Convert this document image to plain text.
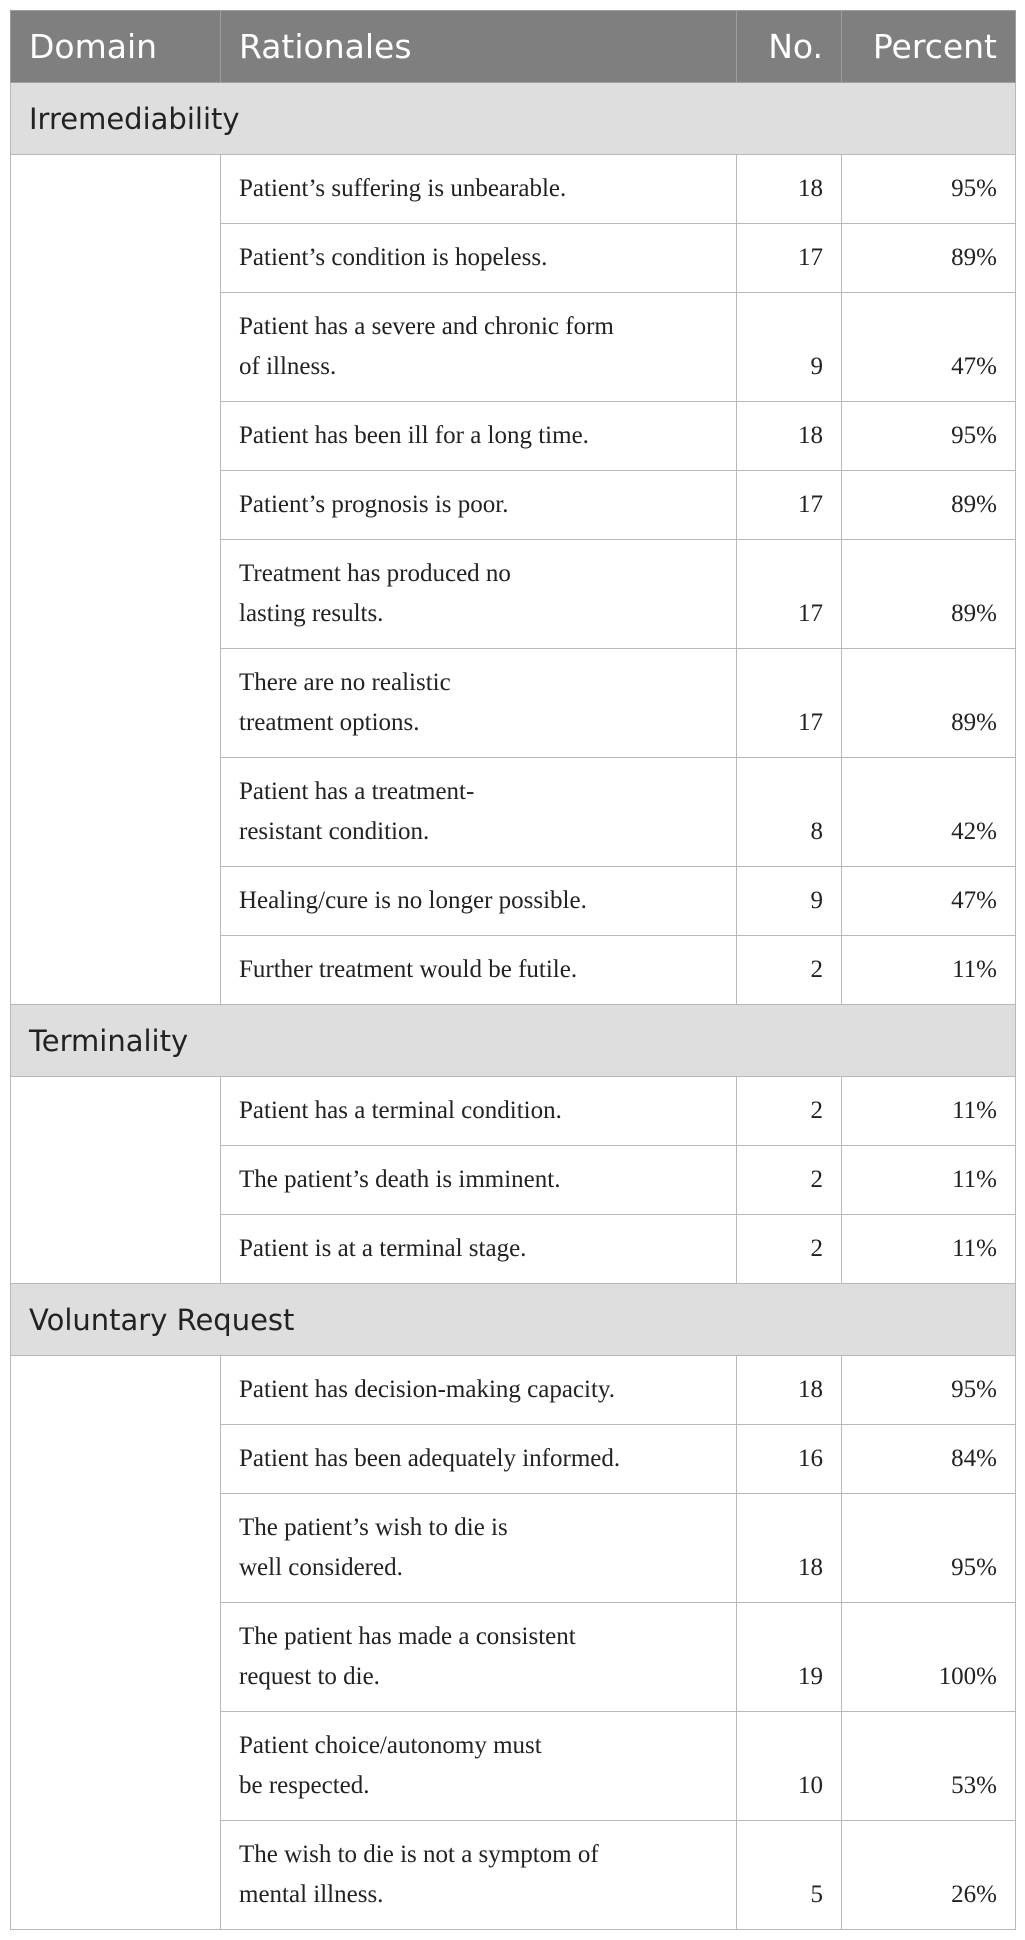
Domain	Rationales	No.	Percent
Irremediability			
	Patient’s suffering is unbearable.	18	95%
	Patient’s condition is hopeless.	17	89%
	Patient has a severe and chronic form
of illness.	9	47%
	Patient has been ill for a long time.	18	95%
	Patient’s prognosis is poor.	17	89%
	Treatment has produced no
lasting results.	17	89%
	There are no realistic
treatment options.	17	89%
	Patient has a treatment-
resistant condition.	8	42%
	Healing/cure is no longer possible.	9	47%
	Further treatment would be futile.	2	11%
Terminality			
	Patient has a terminal condition.	2	11%
	The patient’s death is imminent.	2	11%
	Patient is at a terminal stage.	2	11%
Voluntary Request			
	Patient has decision-making capacity.	18	95%
	Patient has been adequately informed.	16	84%
	The patient’s wish to die is
well considered.	18	95%
	The patient has made a consistent
request to die.	19	100%
	Patient choice/autonomy must
be respected.	10	53%
	The wish to die is not a symptom of
mental illness.	5	26%
